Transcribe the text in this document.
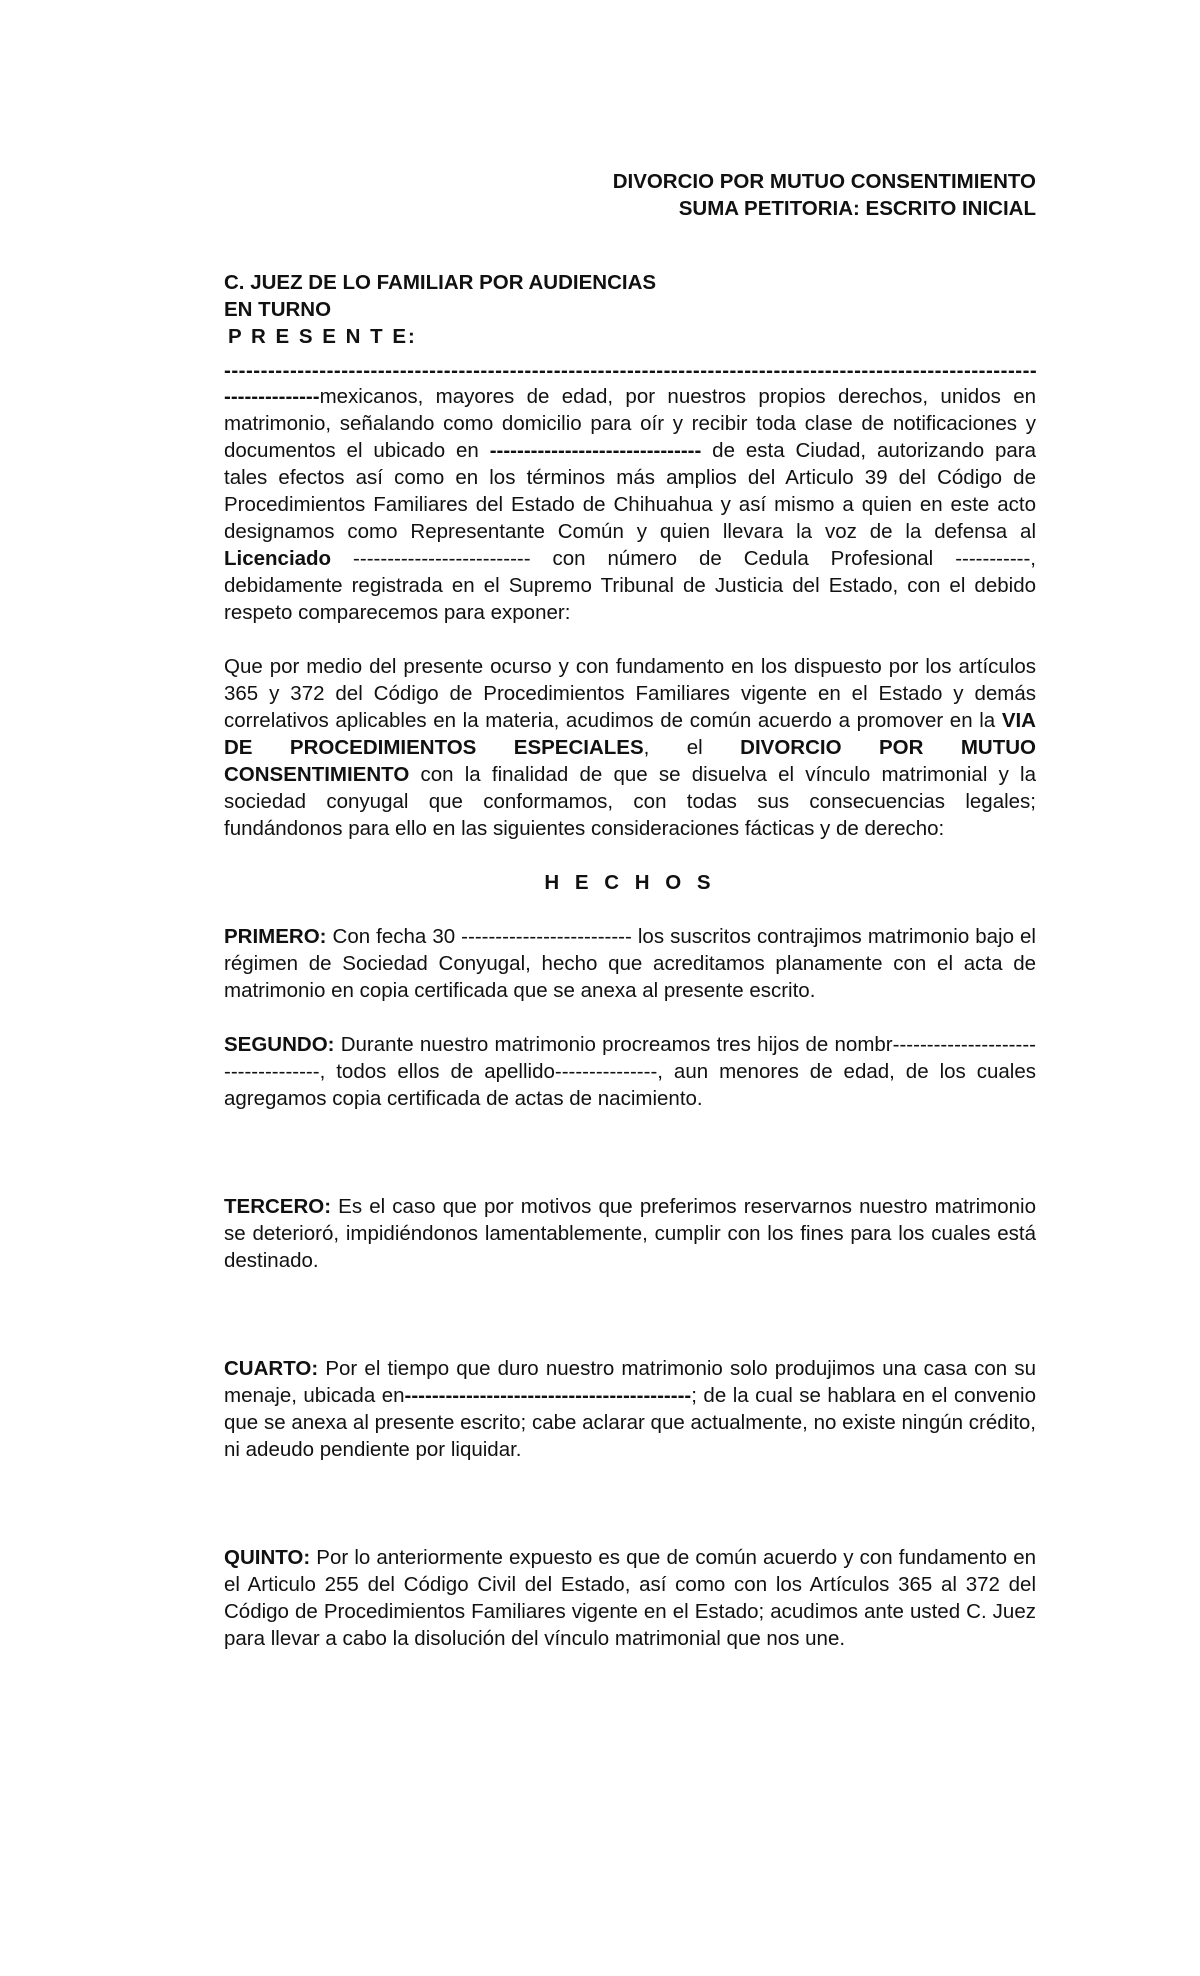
DIVORCIO POR MUTUO CONSENTIMIENTO
SUMA PETITORIA: ESCRITO INICIAL
C. JUEZ DE LO FAMILIAR POR AUDIENCIAS
EN TURNO
P R E S E N T E:
-----

--------------mexicanos, mayores de edad, por nuestros propios derechos, unidos en matrimonio, señalando como domicilio para oír y recibir toda clase de notificaciones y documentos el ubicado en ------------------------------- de esta Ciudad, autorizando para tales efectos así como en los términos más amplios del Articulo 39 del Código de Procedimientos Familiares del Estado de Chihuahua y así mismo a quien en este acto designamos como Representante Común y quien llevara la voz de la defensa al Licenciado -------------------------- con número de Cedula Profesional -----------, debidamente registrada en el Supremo Tribunal de Justicia del Estado, con el debido respeto comparecemos para exponer:

Que por medio del presente ocurso y con fundamento en los dispuesto por los artículos 365 y 372 del Código de Procedimientos Familiares vigente en el Estado y demás correlativos aplicables en la materia, acudimos de común acuerdo a promover en la VIA DE PROCEDIMIENTOS ESPECIALES, el DIVORCIO POR MUTUO CONSENTIMIENTO con la finalidad de que se disuelva el vínculo matrimonial y la sociedad conyugal que conformamos, con todas sus consecuencias legales; fundándonos para ello en las siguientes consideraciones fácticas y de derecho:

H E C H O S

PRIMERO: Con fecha 30 ------------------------- los suscritos contrajimos matrimonio bajo el régimen de Sociedad Conyugal, hecho que acreditamos planamente con el acta de matrimonio en copia certificada que se anexa al presente escrito.

SEGUNDO: Durante nuestro matrimonio procreamos tres hijos de nombr-----------------------------------, todos ellos de apellido---------------, aun menores de edad, de los cuales agregamos copia certificada de actas de nacimiento.

TERCERO: Es el caso que por motivos que preferimos reservarnos nuestro matrimonio se deterioró, impidiéndonos lamentablemente, cumplir con los fines para los cuales está destinado.

CUARTO: Por el tiempo que duro nuestro matrimonio solo produjimos una casa con su menaje, ubicada en------------------------------------------; de la cual se hablara en el convenio que se anexa al presente escrito; cabe aclarar que actualmente, no existe ningún crédito, ni adeudo pendiente por liquidar.

QUINTO: Por lo anteriormente expuesto es que de común acuerdo y con fundamento en el Articulo 255 del Código Civil del Estado, así como con los Artículos 365 al 372 del Código de Procedimientos Familiares vigente en el Estado; acudimos ante usted C. Juez para llevar a cabo la disolución del vínculo matrimonial que nos une.
